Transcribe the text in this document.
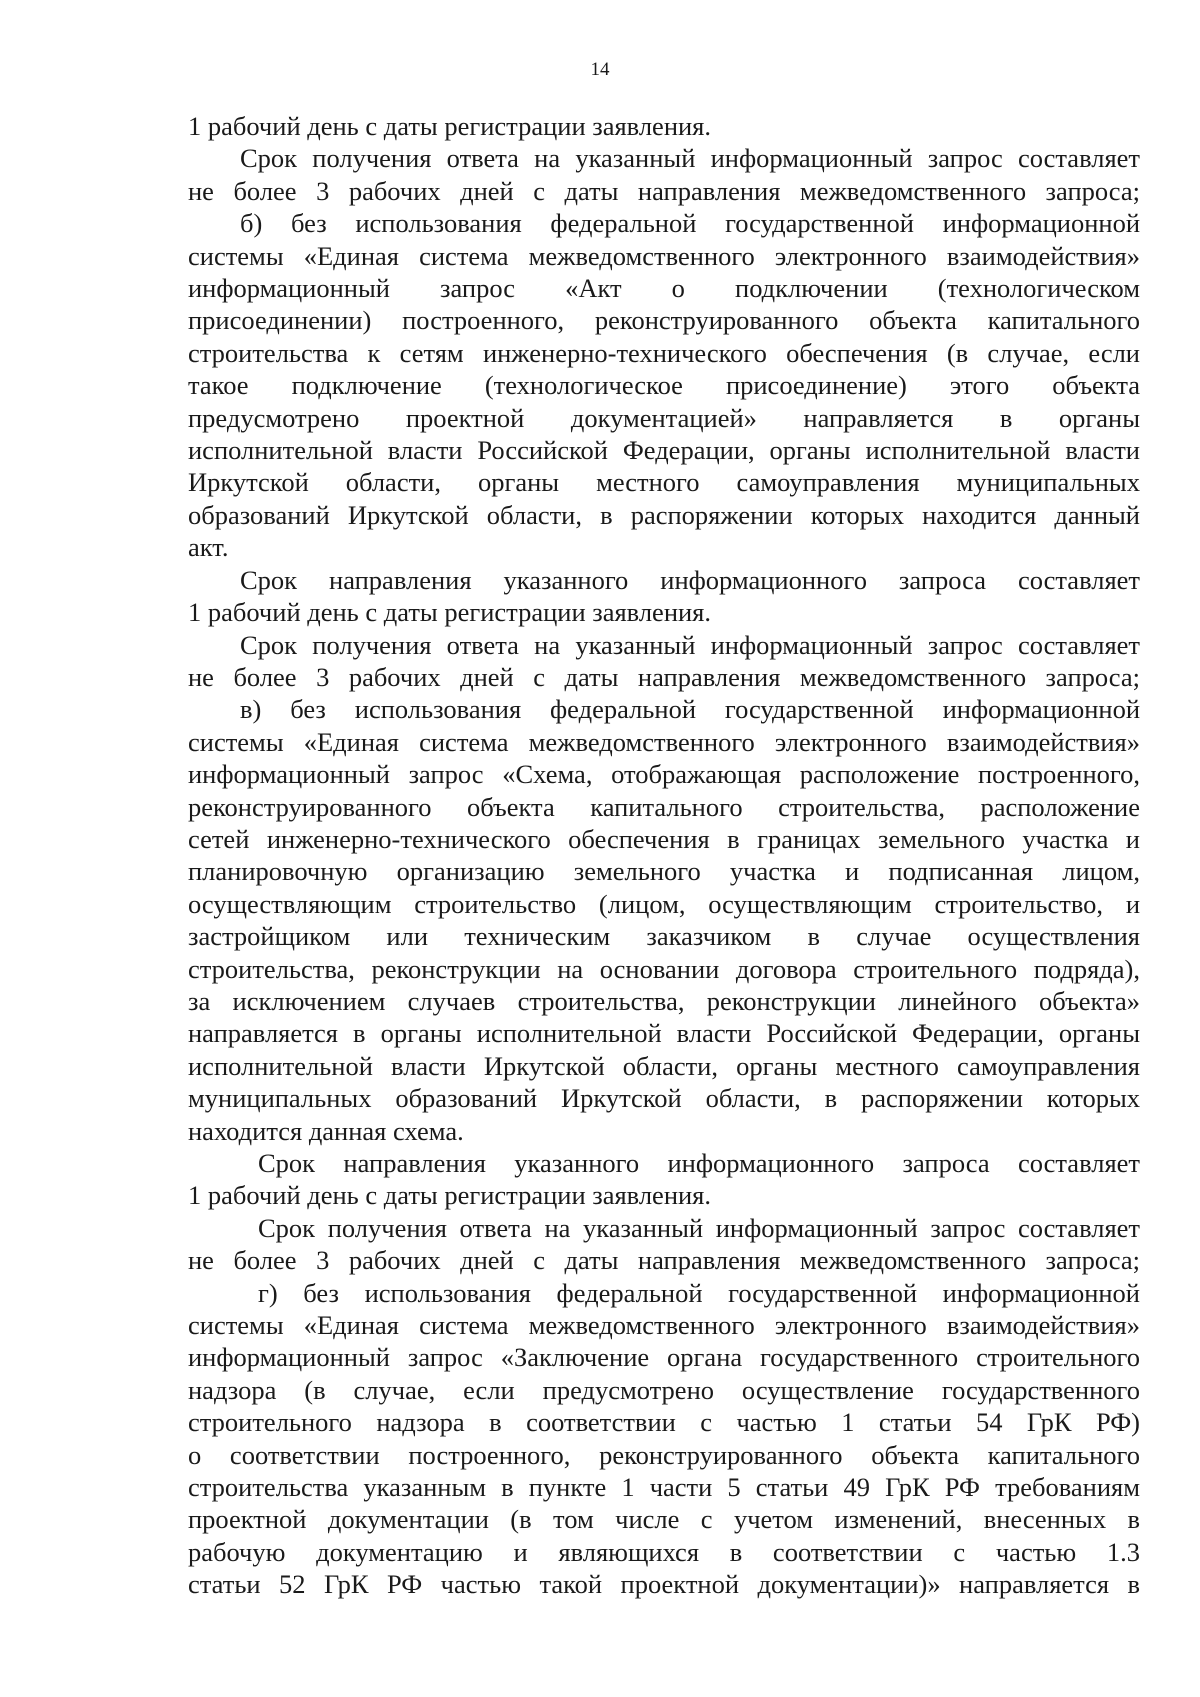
14

1 рабочий день с даты регистрации заявления.

Срок получения ответа на указанный информационный запрос составляет
не более 3 рабочих дней с даты направления межведомственного запроса;

б) без использования федеральной государственной информационной
системы «Единая система межведомственного электронного взаимодействия»
информационный запрос «Акт о подключении (технологическом
присоединении) построенного, реконструированного объекта капитального
строительства к сетям инженерно-технического обеспечения (в случае, если
такое подключение (технологическое присоединение) этого объекта
предусмотрено проектной документацией» направляется в органы
исполнительной власти Российской Федерации, органы исполнительной власти
Иркутской области, органы местного самоуправления муниципальных
образований Иркутской области, в распоряжении которых находится данный

акт.

Срок направления указанного информационного запроса составляет

1 рабочий день с даты регистрации заявления.

Срок получения ответа на указанный информационный запрос составляет
не более 3 рабочих дней с даты направления межведомственного запроса;

в) без использования федеральной государственной информационной
системы «Единая система межведомственного электронного взаимодействия»
информационный запрос «Схема, отображающая расположение построенного,
реконструированного объекта капитального строительства, расположение
сетей инженерно-технического обеспечения в границах земельного участка и
планировочную организацию земельного участка и подписанная лицом,
осуществляющим строительство (лицом, осуществляющим строительство, и
застройщиком или техническим заказчиком в случае осуществления
строительства, реконструкции на основании договора строительного подряда),
за исключением случаев строительства, реконструкции линейного объекта»
направляется в органы исполнительной власти Российской Федерации, органы
исполнительной власти Иркутской области, органы местного самоуправления
муниципальных образований Иркутской области, в распоряжении которых

находится данная схема.

Срок направления указанного информационного запроса составляет

1 рабочий день с даты регистрации заявления.

Срок получения ответа на указанный информационный запрос составляет
не более 3 рабочих дней с даты направления межведомственного запроса;

г) без использования федеральной государственной информационной
системы «Единая система межведомственного электронного взаимодействия»
информационный запрос «Заключение органа государственного строительного
надзора (в случае, если предусмотрено осуществление государственного
строительного надзора в соответствии с частью 1 статьи 54 ГрК РФ)
о соответствии построенного, реконструированного объекта капитального
строительства указанным в пункте 1 части 5 статьи 49 ГрК РФ требованиям
проектной документации (в том числе с учетом изменений, внесенных в
рабочую документацию и являющихся в соответствии с частью 1.3
статьи 52 ГрК РФ частью такой проектной документации)» направляется в
